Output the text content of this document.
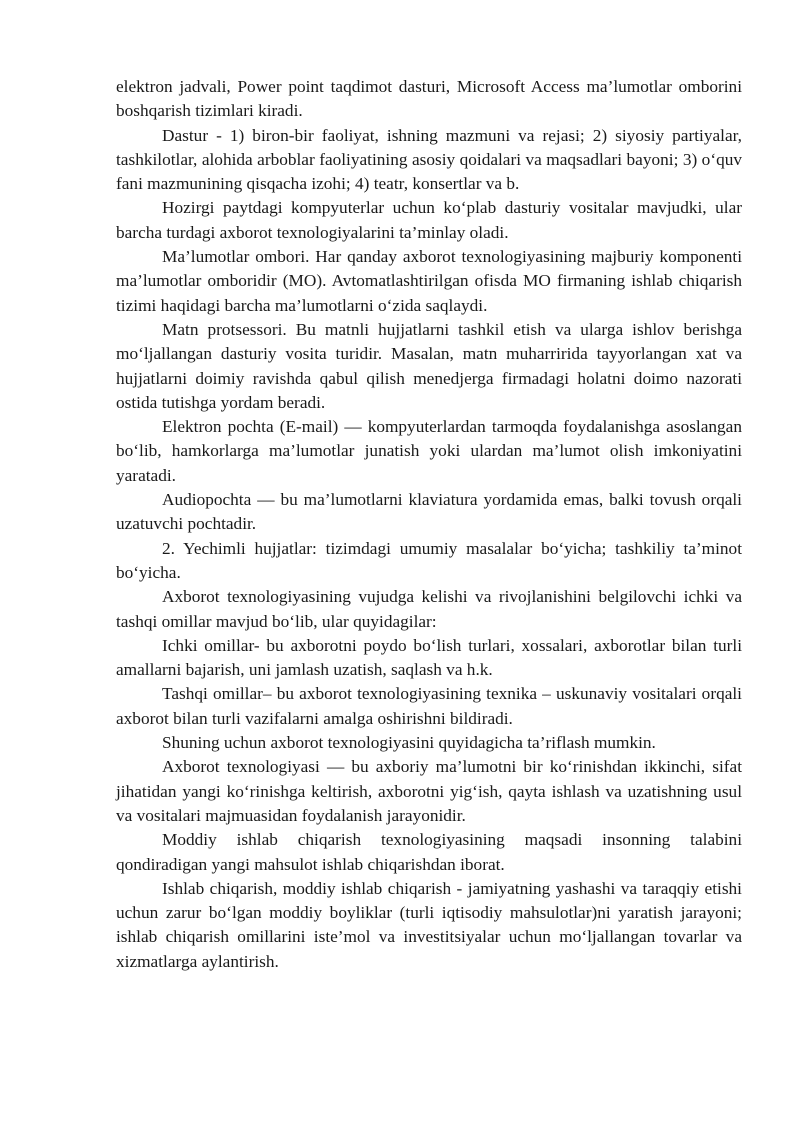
elektron jadvali, Power point taqdimot dasturi, Microsoft Access ma’lumotlar omborini boshqarish tizimlari kiradi.

Dastur - 1) biron-bir faoliyat, ishning mazmuni va rejasi; 2) siyosiy partiyalar, tashkilotlar, alohida arboblar faoliyatining asosiy qoidalari va maqsadlari bayoni; 3) o‘quv fani mazmunining qisqacha izohi; 4) teatr, konsertlar va b.

Hozirgi paytdagi kompyuterlar uchun ko‘plab dasturiy vositalar mavjudki, ular barcha turdagi axborot texnologiyalarini ta’minlay oladi.

Ma’lumotlar ombori. Har qanday axborot texnologiyasining majburiy komponenti ma’lumotlar omboridir (MO). Avtomatlashtirilgan ofisda MO firmaning ishlab chiqarish tizimi haqidagi barcha ma’lumotlarni o‘zida saqlaydi.

Matn protsessori. Bu matnli hujjatlarni tashkil etish va ularga ishlov berishga mo‘ljallangan dasturiy vosita turidir. Masalan, matn muharririda tayyorlangan xat va hujjatlarni doimiy ravishda qabul qilish menedjerga firmadagi holatni doimo nazorati ostida tutishga yordam beradi.

Elektron pochta (E-mail) — kompyuterlardan tarmoqda foydalanishga asoslangan bo‘lib, hamkorlarga ma’lumotlar junatish yoki ulardan ma’lumot olish imkoniyatini yaratadi.

Audiopochta — bu ma’lumotlarni klaviatura yordamida emas, balki tovush orqali uzatuvchi pochtadir.

2. Yechimli hujjatlar: tizimdagi umumiy masalalar bo‘yicha; tashkiliy ta’minot bo‘yicha.

Axborot texnologiyasining vujudga kelishi va rivojlanishini belgilovchi ichki va tashqi omillar mavjud bo‘lib, ular quyidagilar:

Ichki omillar- bu axborotni poydo bo‘lish turlari, xossalari, axborotlar bilan turli amallarni bajarish, uni jamlash uzatish, saqlash va h.k.

Tashqi omillar– bu axborot texnologiyasining texnika – uskunaviy vositalari orqali axborot bilan turli vazifalarni amalga oshirishni bildiradi.

Shuning uchun axborot texnologiyasini quyidagicha ta’riflash mumkin.

Axborot texnologiyasi — bu axboriy ma’lumotni bir ko‘rinishdan ikkinchi, sifat jihatidan yangi ko‘rinishga keltirish, axborotni yig‘ish, qayta ishlash va uzatishning usul va vositalari majmuasidan foydalanish jarayonidir.

Moddiy ishlab chiqarish texnologiyasining maqsadi insonning talabini qondiradigan yangi mahsulot ishlab chiqarishdan iborat.

Ishlab chiqarish, moddiy ishlab chiqarish - jamiyatning yashashi va taraqqiy etishi uchun zarur bo‘lgan moddiy boyliklar (turli iqtisodiy mahsulotlar)ni yaratish jarayoni; ishlab chiqarish omillarini iste’mol va investitsiyalar uchun mo‘ljallangan tovarlar va xizmatlarga aylantirish.
